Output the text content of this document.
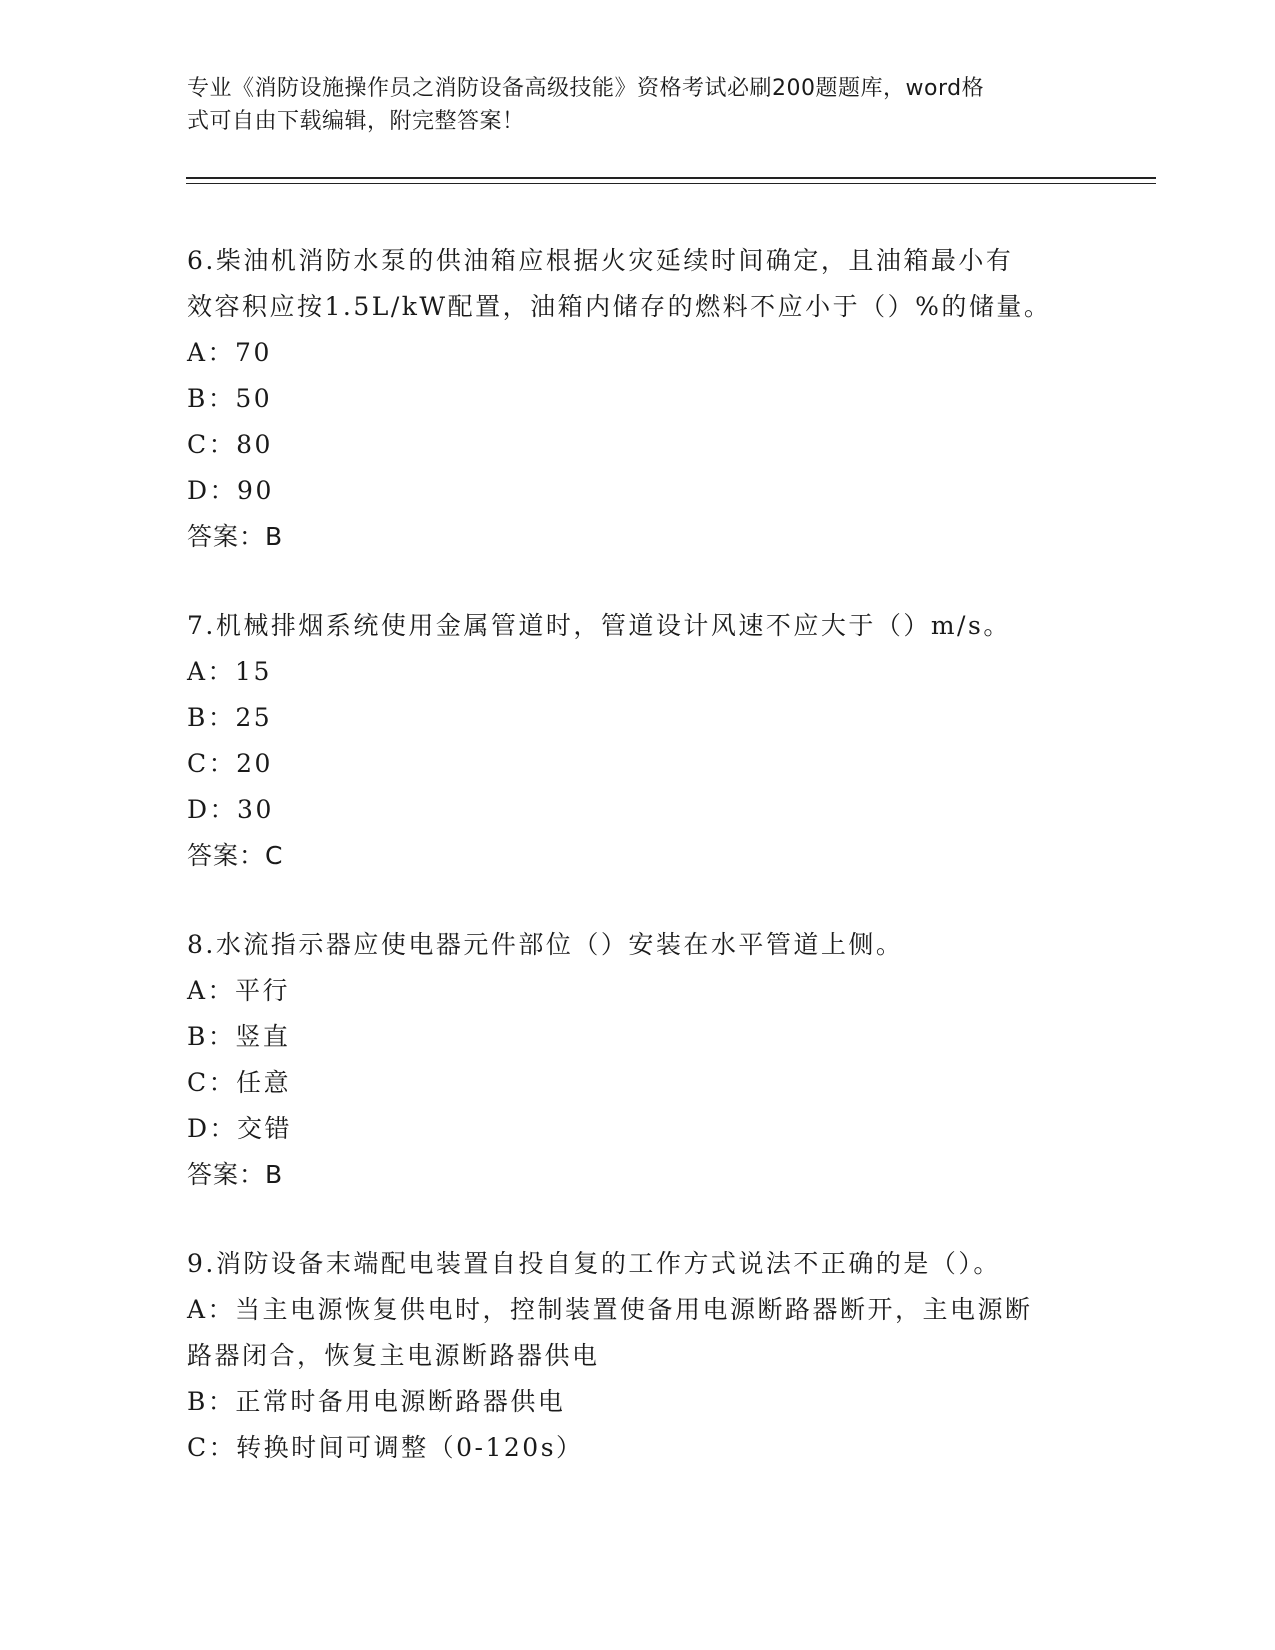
专业《消防设施操作员之消防设备高级技能》资格考试必刷200题题库，word格
式可自由下载编辑，附完整答案！
6.柴油机消防水泵的供油箱应根据火灾延续时间确定，且油箱最小有
效容积应按1.5L/kW配置，油箱内储存的燃料不应小于（）%的储量。
A：70
B：50
C：80
D：90
答案：B
7.机械排烟系统使用金属管道时，管道设计风速不应大于（）m/s。
A：15
B：25
C：20
D：30
答案：C
8.水流指示器应使电器元件部位（）安装在水平管道上侧。
A：平行
B：竖直
C：任意
D：交错
答案：B
9.消防设备末端配电装置自投自复的工作方式说法不正确的是（）。
A：当主电源恢复供电时，控制装置使备用电源断路器断开，主电源断
路器闭合，恢复主电源断路器供电
B：正常时备用电源断路器供电
C：转换时间可调整（0-120s）
